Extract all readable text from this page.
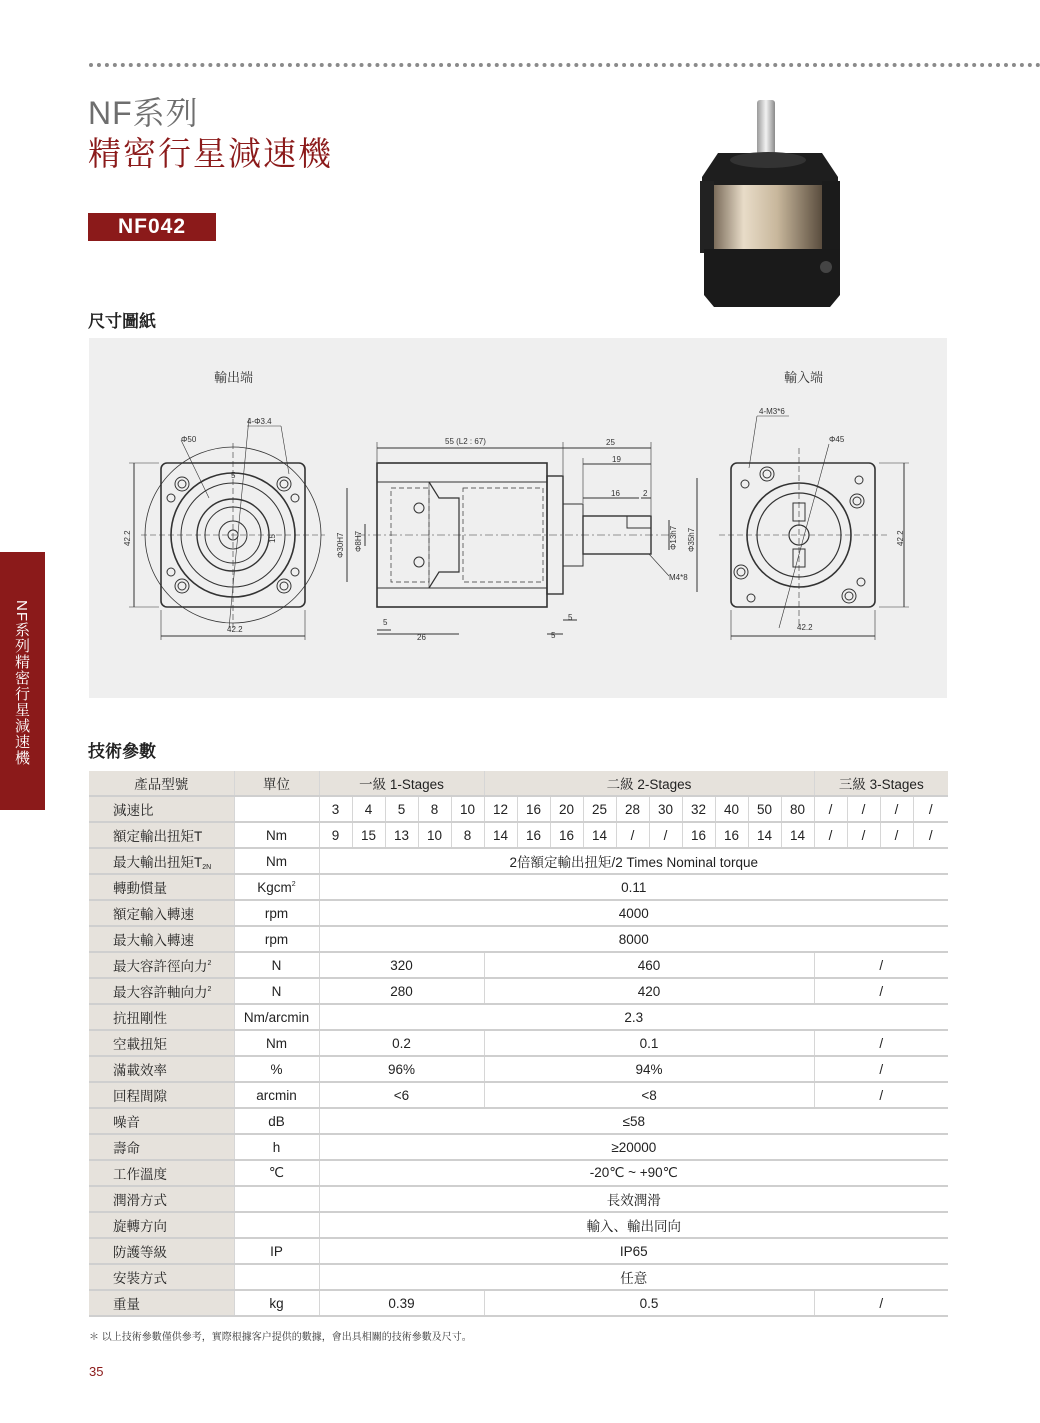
NF系列
精密行星減速機
NF042
NF系列精密行星減速機
尺寸圖紙
輸出端	輸入端
Φ50
4-Φ3.4
5
15
42.2
42.2
55 (L2 : 67)	25
19
16	2
Φ30H7 Φ8H7	Φ13h7 Φ35h7
M4*8
5
26	5
5
4-M3*6
Φ45
42.2
42.2
技術參數
產品型號	單位	一級 1-Stages					二級 2-Stages										三級 3-Stages			
減速比		3	4	5	8	10	12	16	20	25	28	30	32	40	50	80	/	/	/	/
額定輸出扭矩T	Nm	9	15	13	10	8	14	16	16	14	/	/	16	16	14	14	/	/	/	/
最大輸出扭矩$T_{2N}$	Nm	2倍額定輸出扭矩/2 Times Nominal torque																		
轉動慣量	Kgcm$^2$	0.11																		
額定輸入轉速	rpm	4000																		
最大輸入轉速	rpm	8000																		
最大容許徑向力$^2$	N	320					460										/			
最大容許軸向力$^2$	N	280					420										/			
抗扭剛性	Nm/arcmin	2.3																		
空載扭矩	Nm	0.2					0.1										/			
滿載效率	%	96%					94%										/			
回程間隙	arcmin	<6					<8										/			
噪音	dB	≤58																		
壽命	h	≥20000																		
工作溫度	℃	-20℃ ~ +90℃																		
潤滑方式		長效潤滑																		
旋轉方向		輸入、輸出同向																		
防護等級	IP	IP65																		
安裝方式		任意																		
重量	kg	0.39					0.5										/			
＊ 以上技術參數僅供參考，實際根據客户提供的數據，會出具相關的技術參數及尺寸。
35
